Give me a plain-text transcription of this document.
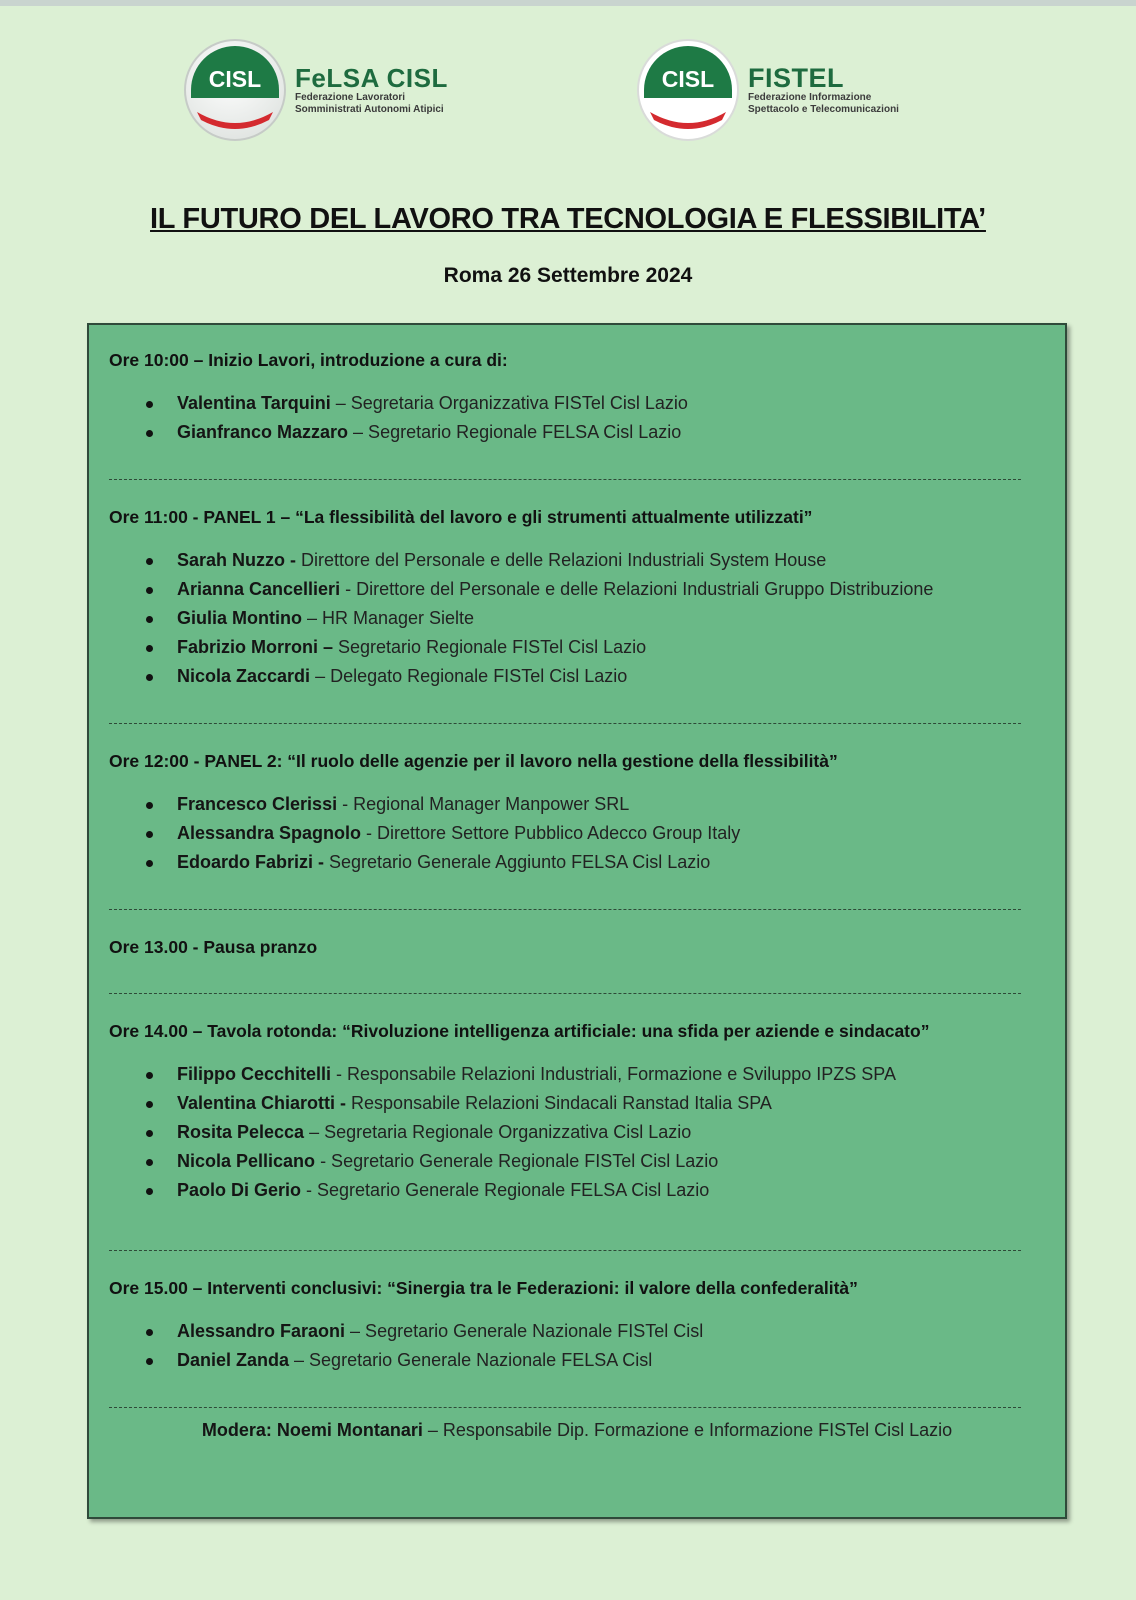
CISL FeLSA CISL
Federazione Lavoratori
Somministrati Autonomi Atipici
CISL FISTEL
Federazione Informazione
Spettacolo e Telecomunicazioni
IL FUTURO DEL LAVORO TRA TECNOLOGIA E FLESSIBILITA’
Roma 26 Settembre 2024
Ore 10:00 – Inizio Lavori, introduzione a cura di:
Valentina Tarquini – Segretaria Organizzativa FISTel Cisl Lazio
Gianfranco Mazzaro – Segretario Regionale FELSA Cisl Lazio
Ore 11:00 - PANEL 1 – “La flessibilità del lavoro e gli strumenti attualmente utilizzati”
Sarah Nuzzo - Direttore del Personale e delle Relazioni Industriali System House
Arianna Cancellieri - Direttore del Personale e delle Relazioni Industriali Gruppo Distribuzione
Giulia Montino – HR Manager Sielte
Fabrizio Morroni – Segretario Regionale FISTel Cisl Lazio
Nicola Zaccardi – Delegato Regionale FISTel Cisl Lazio
Ore 12:00 - PANEL 2: “Il ruolo delle agenzie per il lavoro nella gestione della flessibilità”
Francesco Clerissi - Regional Manager Manpower SRL
Alessandra Spagnolo - Direttore Settore Pubblico Adecco Group Italy
Edoardo Fabrizi - Segretario Generale Aggiunto FELSA Cisl Lazio
Ore 13.00 - Pausa pranzo
Ore 14.00 – Tavola rotonda: “Rivoluzione intelligenza artificiale: una sfida per aziende e sindacato”
Filippo Cecchitelli - Responsabile Relazioni Industriali, Formazione e Sviluppo IPZS SPA
Valentina Chiarotti - Responsabile Relazioni Sindacali Ranstad Italia SPA
Rosita Pelecca – Segretaria Regionale Organizzativa Cisl Lazio
Nicola Pellicano - Segretario Generale Regionale FISTel Cisl Lazio
Paolo Di Gerio - Segretario Generale Regionale FELSA Cisl Lazio
Ore 15.00 – Interventi conclusivi: “Sinergia tra le Federazioni: il valore della confederalità”
Alessandro Faraoni – Segretario Generale Nazionale FISTel Cisl
Daniel Zanda – Segretario Generale Nazionale FELSA Cisl
Modera: Noemi Montanari – Responsabile Dip. Formazione e Informazione FISTel Cisl Lazio
